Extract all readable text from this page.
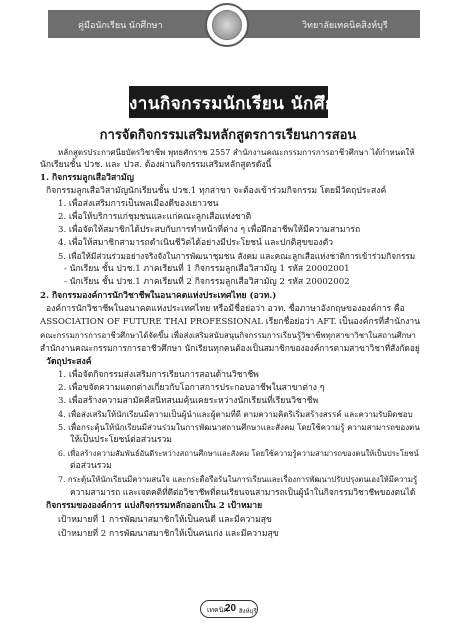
คู่มือนักเรียน นักศึกษา	วิทยาลัยเทคนิคสิงห์บุรี
งานกิจกรรมนักเรียน นักศึกษา
การจัดกิจกรรมเสริมหลักสูตรการเรียนการสอน
หลักสูตรประกาศนียบัตรวิชาชีพ พุทธศักราช 2557 สำนักงานคณะกรรมการการอาชีวศึกษา ได้กำหนดให้
นักเรียนชั้น ปวช. และ ปวส. ต้องผ่านกิจกรรมเสริมหลักสูตรดังนี้
1. กิจกรรมลูกเสือวิสามัญ
กิจกรรมลูกเสือวิสามัญนักเรียนชั้น ปวช.1 ทุกสาขา จะต้องเข้าร่วมกิจกรรม โดยมีวัตถุประสงค์
1. เพื่อส่งเสริมการเป็นพลเมืองดีของเยาวชน
2. เพื่อให้บริการแก่ชุมชนและแก่คณะลูกเสือแห่งชาติ
3. เพื่อจัดให้สมาชิกได้ประสบกับการทำหน้าที่ต่าง ๆ เพื่อฝึกอาชีพให้มีความสามารถ
4. เพื่อให้สมาชิกสามารถดำเนินชีวิตได้อย่างมีประโยชน์ และปกติสุขของตัว
5. เพื่อให้มีส่วนร่วมอย่างจริงจังในการพัฒนาชุมชน สังคม และคณะลูกเสือแห่งชาติการเข้าร่วมกิจกรรม
- นักเรียน ชั้น ปวช.1 ภาคเรียนที่ 1 กิจกรรมลูกเสือวิสามัญ 1 รหัส 20002001
- นักเรียน ชั้น ปวช.1 ภาคเรียนที่ 2 กิจกรรมลูกเสือวิสามัญ 2 รหัส 20002002
2. กิจกรรมองค์การนักวิชาชีพในอนาคตแห่งประเทศไทย (อวท.)
องค์การนักวิชาชีพในอนาคตแห่งประเทศไทย หรือมีชื่อย่อว่า อวท. ชื่อภาษาอังกฤษขององค์การ คือ
ASSOCIATION OF FUTURE THAI PROFESSIONAL เรียกชื่อย่อว่า AFT. เป็นองค์กรที่สำนักงาน
คณะกรรมการการอาชีวศึกษาได้จัดขึ้น เพื่อส่งเสริมสนับสนุนกิจกรรมการเรียนรู้วิชาชีพทุกสาขาวิชาในสถานศึกษา
สำนักงานคณะกรรมการการอาชีวศึกษา นักเรียนทุกคนต้องเป็นสมาชิกขององค์การตามสาขาวิชาที่สังกัดอยู่
วัตถุประสงค์
1. เพื่อจัดกิจกรรมส่งเสริมการเรียนการสอนด้านวิชาชีพ
2. เพื่อขจัดความแตกต่างเกี่ยวกับโอกาสการประกอบอาชีพในสาขาต่าง ๆ
3. เพื่อสร้างความสามัคคีสนิทสนมคุ้นเคยระหว่างนักเรียนที่เรียนวิชาชีพ
4. เพื่อส่งเสริมให้นักเรียนมีความเป็นผู้นำและผู้ตามที่ดี ตามความคิดริเริ่มสร้างสรรค์ และความรับผิดชอบ
5. เพื่อกระตุ้นให้นักเรียนมีส่วนร่วมในการพัฒนาสถานศึกษาและสังคม โดยใช้ความรู้ ความสามารถของตน
ให้เป็นประโยชน์ต่อส่วนรวม
6. เพื่อสร้างความสัมพันธ์อันดีระหว่างสถานศึกษาและสังคม โดยใช้ความรู้ความสามารถของตนให้เป็นประโยชน์
ต่อส่วนรวม
7. กระตุ้นให้นักเรียนมีความสนใจ และกระตือรือร้นในการเรียนและเรื่องการพัฒนาปรับปรุงตนเองให้มีความรู้
ความสามารถ และเจตคติที่ดีต่อวิชาชีพที่ตนเรียนจนสามารถเป็นผู้นำในกิจกรรมวิชาชีพของตนได้
กิจกรรมขององค์การ แบ่งกิจกรรมหลักออกเป็น 2 เป้าหมาย
เป้าหมายที่ 1 การพัฒนาสมาชิกให้เป็นคนดี และมีความสุข
เป้าหมายที่ 2 การพัฒนาสมาชิกให้เป็นคนเก่ง และมีความสุข
เทคนิค
20 สิงห์บุรี
